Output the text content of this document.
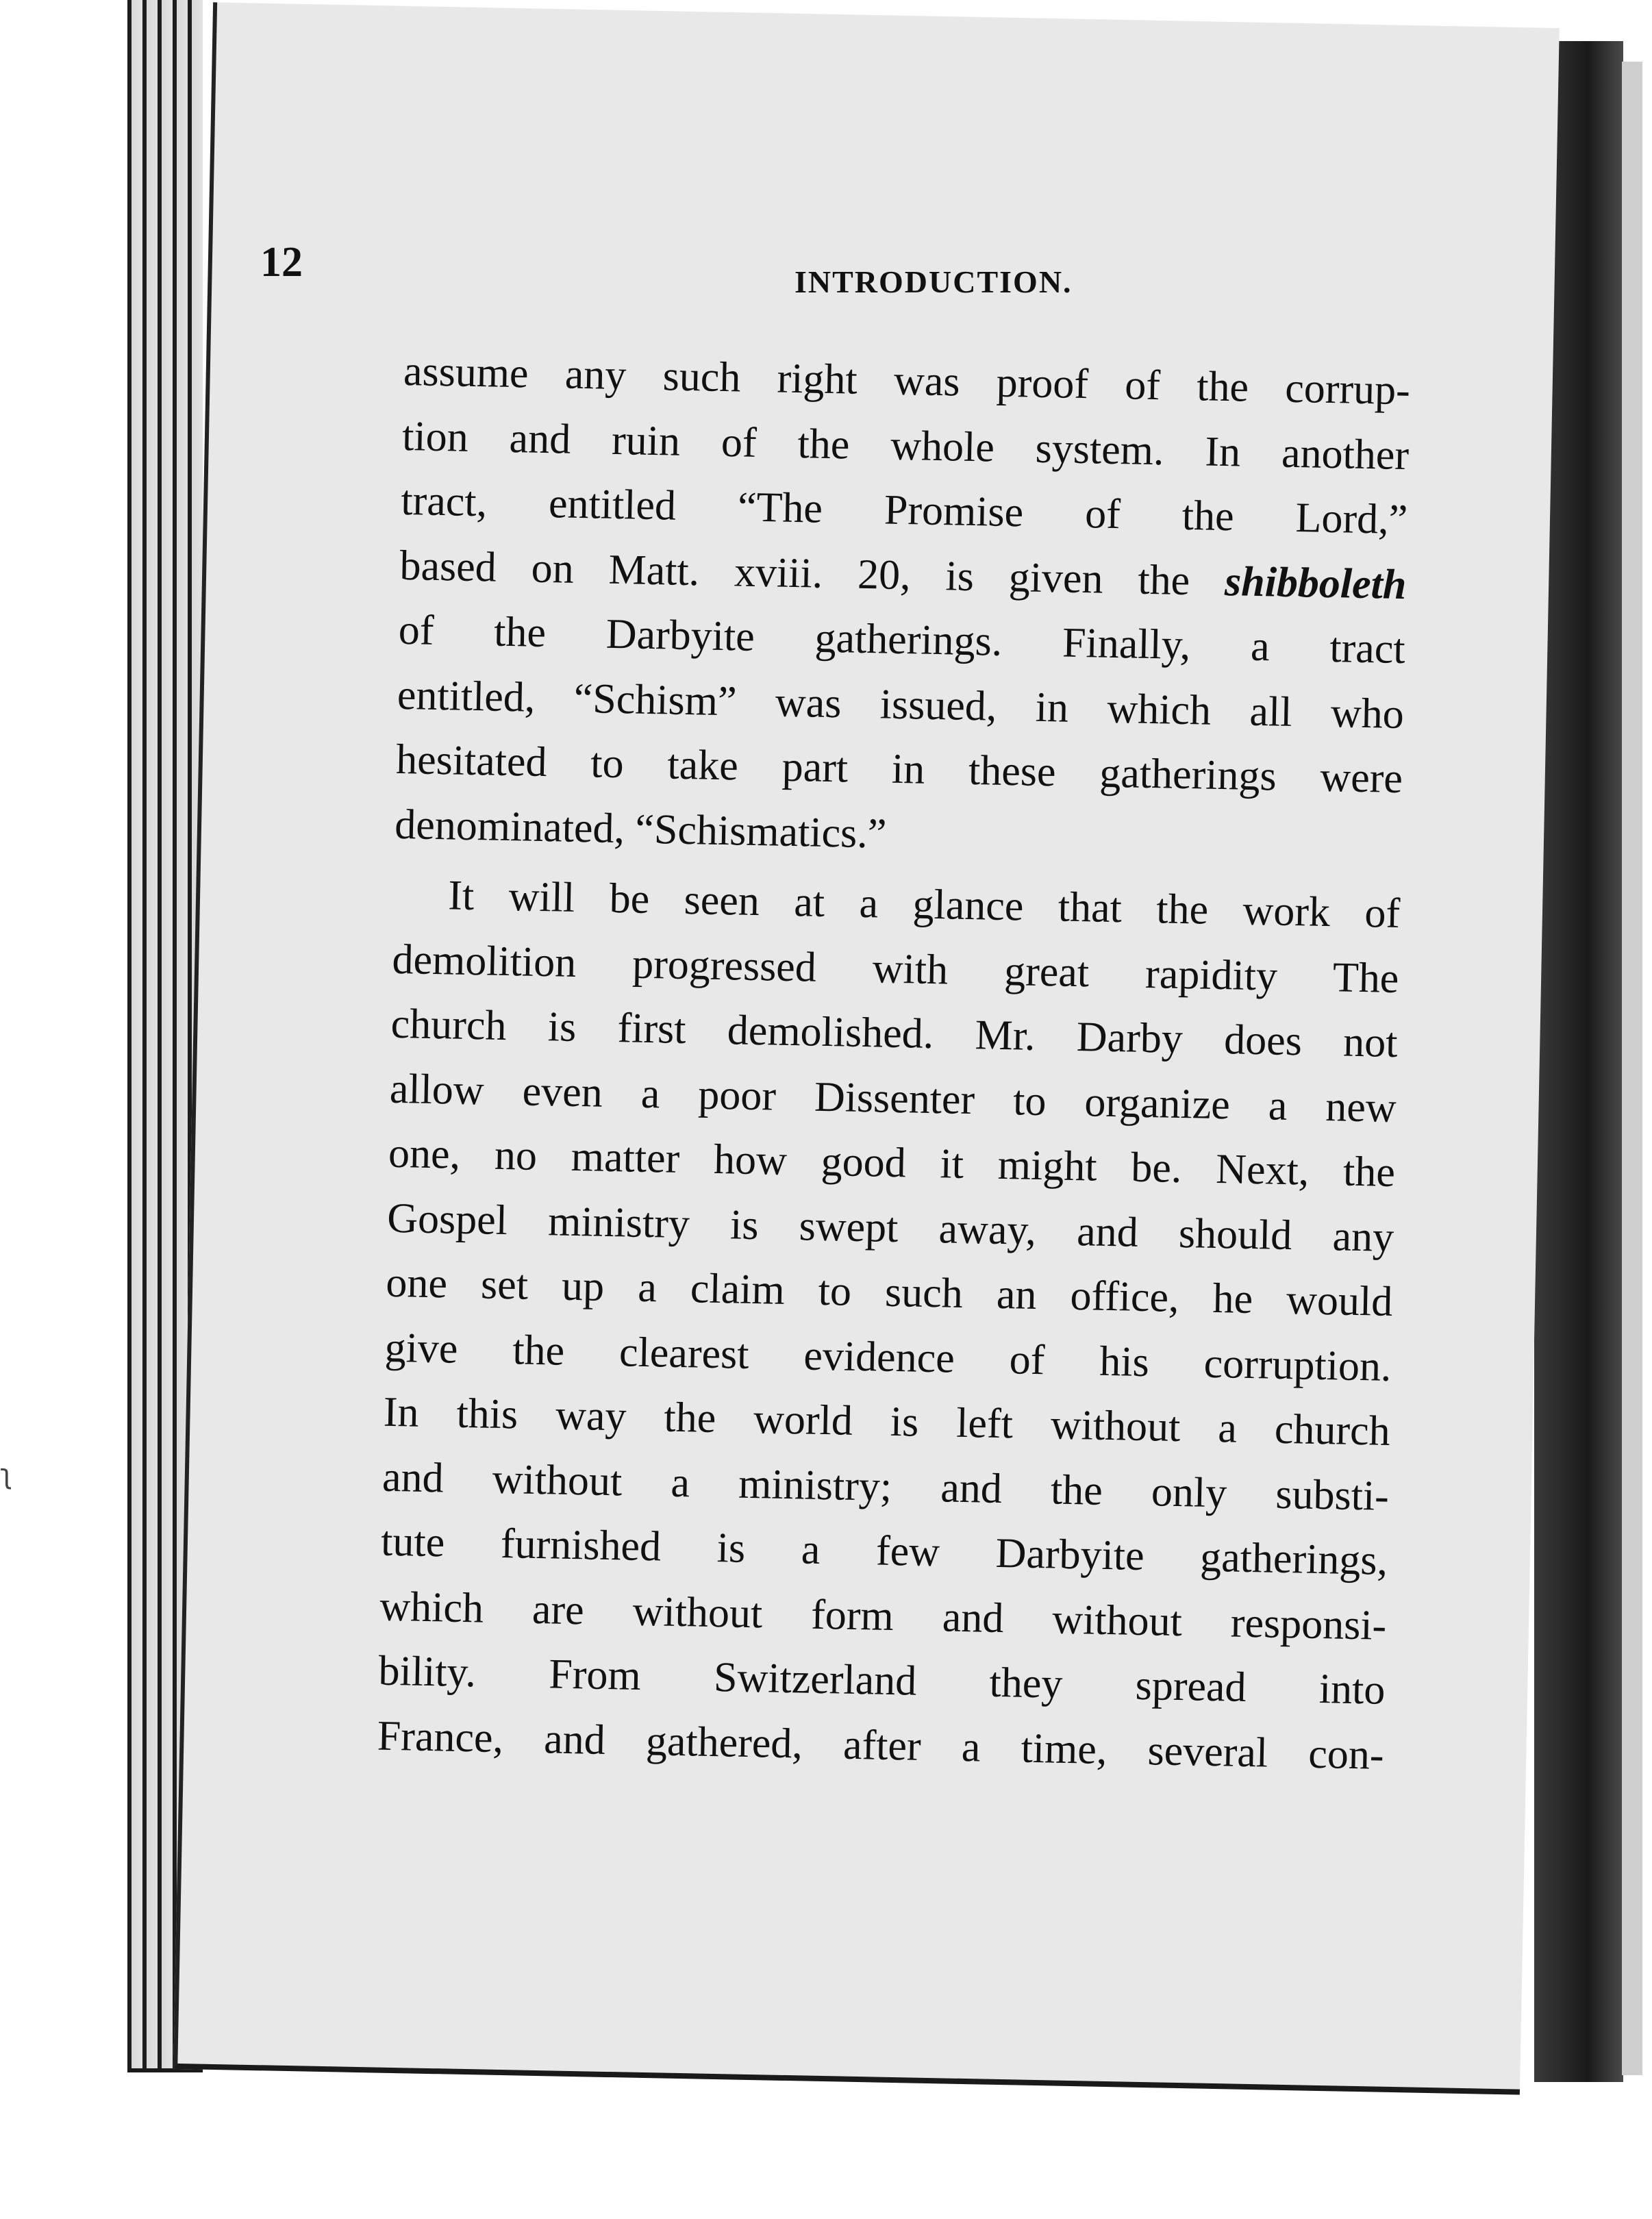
12	INTRODUCTION.
assume any such right was proof of the corrup-
tion and ruin of the whole system. In another
tract, entitled “The Promise of the Lord,”
based on Matt. xviii. 20, is given the shibboleth
of the Darbyite gatherings. Finally, a tract
entitled, “Schism” was issued, in which all who
hesitated to take part in these gatherings were
denominated, “Schismatics.”
It will be seen at a glance that the work of
demolition progressed with great rapidity The
church is first demolished. Mr. Darby does not
allow even a poor Dissenter to organize a new
one, no matter how good it might be. Next, the
Gospel ministry is swept away, and should any
one set up a claim to such an office, he would
give the clearest evidence of his corruption.
In this way the world is left without a church
and without a ministry; and the only substi-
tute furnished is a few Darbyite gatherings,
which are without form and without responsi-
bility. From Switzerland they spread into
France, and gathered, after a time, several con-
ʅ
